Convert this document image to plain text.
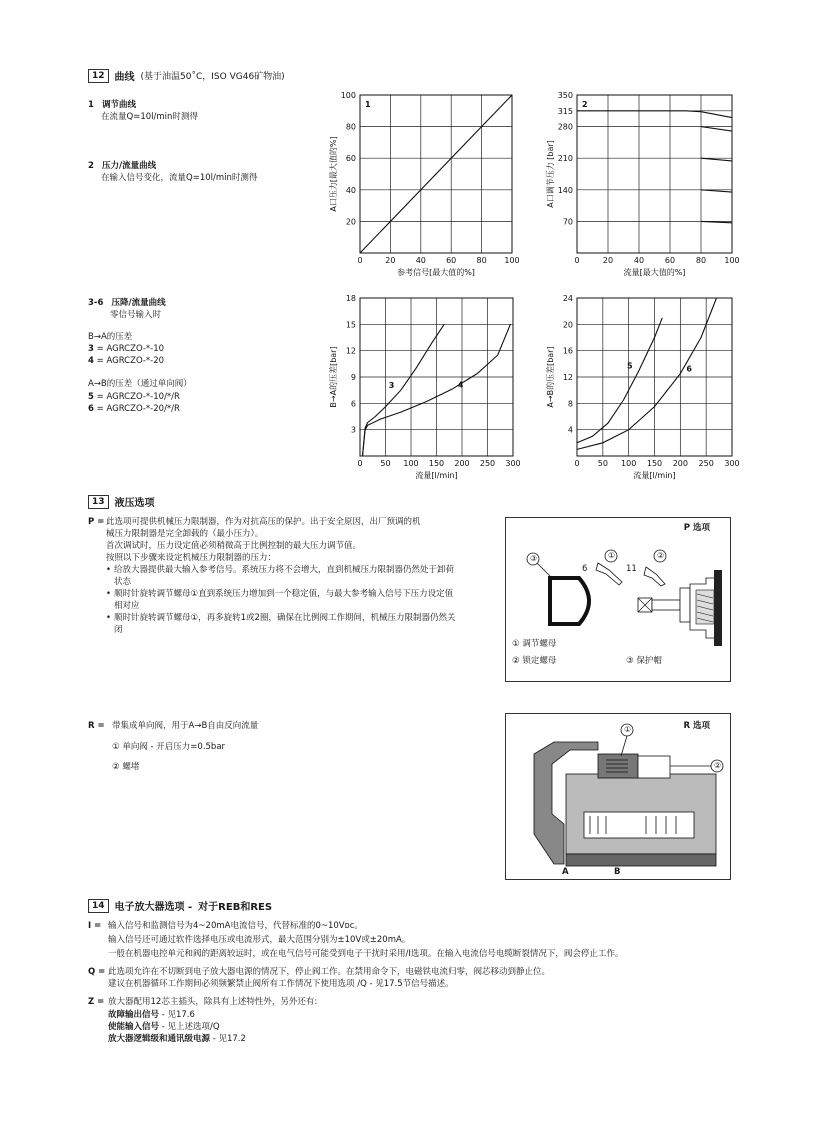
12	曲线 (基于油温50˚C，ISO VG46矿物油)
1 调节曲线
在流量Q=10l/min时测得
2 压力/流量曲线
在输入信号变化，流量Q=10l/min时测得
3-6 压降/流量曲线
零信号输入时
B→A的压差
3 = AGRCZO-*-10
4 = AGRCZO-*-20
A→B的压差（通过单向阀）
5 = AGRCZO-*-10/*/R
6 = AGRCZO-*-20/*/R
0	20	40	60	80 100
20
40
60
80
100
参考信号[最大值的%]
A口压力[最大值的%]
1
0	20	40	60	80 100
70
140
210
280
315
350
流量[最大值的%]
A口调节压力 [bar]
2
0 50 100 150 200 250 300
3
6
9
12
15
18
流量[l/min]
B→A的压差[bar]	3	4
0 50 100 150 200 250 300
4
8
12
16
20
24
流量[l/min]
A→B的压差[bar]	5	6
13	液压选项
P = 此选项可提供机械压力限制器，作为对抗高压的保护。出于安全原因，出厂预调的机
械压力限制器是完全卸载的（最小压力）。
首次调试时，压力设定值必须稍微高于比例控制的最大压力调节值。
按照以下步骤来设定机械压力限制器的压力：
• 给放大器提供最大输入参考信号。系统压力将不会增大，直到机械压力限制器仍然处于卸荷状态
• 顺时针旋转调节螺母①直到系统压力增加到一个稳定值，与最大参考输入信号下压力设定值相对应
• 顺时针旋转调节螺母①，再多旋转1或2圈，确保在比例阀工作期间，机械压力限制器仍然关闭
P 选项
③	①	②
6	11
① 调节螺母
② 锁定螺母	③ 保护帽
R = 带集成单向阀，用于A→B自由反向流量
① 单向阀 - 开启压力=0.5bar
② 螺堵
R 选项
①
②
A	B
14	电子放大器选项 - 对于REB和RES
I = 输入信号和监测信号为4~20mA电流信号，代替标准的0~10Vᴅc。
输入信号还可通过软件选择电压或电流形式，最大范围分别为±10V或±20mA。
一般在机器电控单元和阀的距离较远时，或在电气信号可能受到电子干扰时采用/I选项。在输入电流信号电缆断裂情况下，阀会停止工作。
Q = 此选项允许在不切断到电子放大器电源的情况下，停止阀工作。在禁用命令下，电磁铁电流归零，阀芯移动到静止位。
建议在机器循环工作期间必须频繁禁止阀所有工作情况下使用选项 /Q - 见17.5节信号描述。
Z = 放大器配用12芯主插头，除具有上述特性外，另外还有:
故障输出信号 - 见17.6
使能输入信号 - 见上述选项/Q
放大器逻辑级和通讯级电源 - 见17.2
